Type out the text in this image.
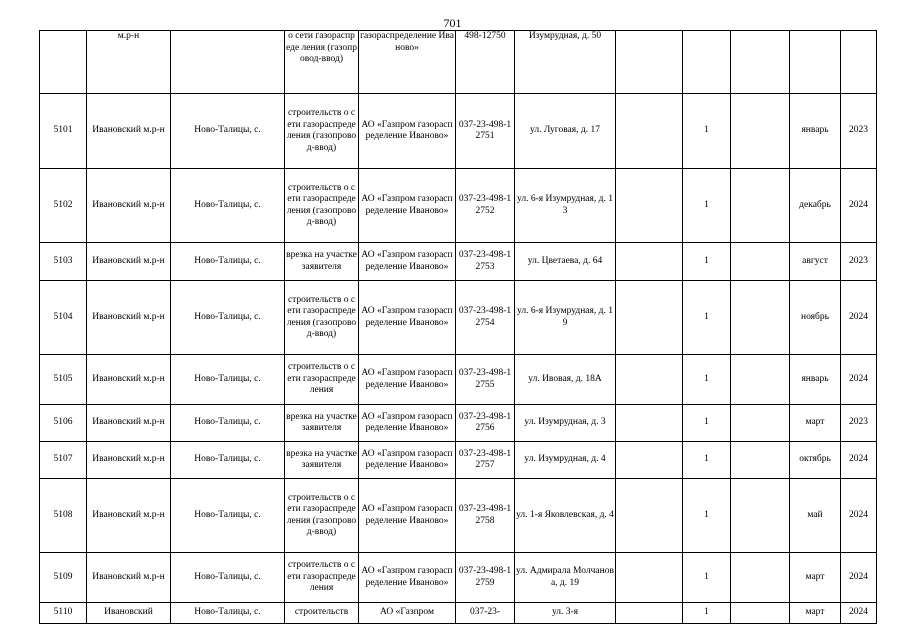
701
	м.р-н		о сети газораспреде ления (газопровод-ввод)	газораспределение Иваново»	498-12750	Изумрудная, д. 50					
5101	Ивановский м.р-н	Ново-Талицы, с.	строительств о сети газораспреде ления (газопровод-ввод)	АО «Газпром газораспределение Иваново»	037-23-498-12751	ул. Луговая, д. 17		1		январь	2023
5102	Ивановский м.р-н	Ново-Талицы, с.	строительств о сети газораспреде ления (газопровод-ввод)	АО «Газпром газораспределение Иваново»	037-23-498-12752	ул. 6-я Изумрудная, д. 13		1		декабрь	2024
5103	Ивановский м.р-н	Ново-Талицы, с.	врезка на участке заявителя	АО «Газпром газораспределение Иваново»	037-23-498-12753	ул. Цветаева, д. 64		1		август	2023
5104	Ивановский м.р-н	Ново-Талицы, с.	строительств о сети газораспреде ления (газопровод-ввод)	АО «Газпром газораспределение Иваново»	037-23-498-12754	ул. 6-я Изумрудная, д. 19		1		ноябрь	2024
5105	Ивановский м.р-н	Ново-Талицы, с.	строительств о сети газораспреде ления	АО «Газпром газораспределение Иваново»	037-23-498-12755	ул. Ивовая, д. 18А		1		январь	2024
5106	Ивановский м.р-н	Ново-Талицы, с.	врезка на участке заявителя	АО «Газпром газораспределение Иваново»	037-23-498-12756	ул. Изумрудная, д. 3		1		март	2023
5107	Ивановский м.р-н	Ново-Талицы, с.	врезка на участке заявителя	АО «Газпром газораспределение Иваново»	037-23-498-12757	ул. Изумрудная, д. 4		1		октябрь	2024
5108	Ивановский м.р-н	Ново-Талицы, с.	строительств о сети газораспреде ления (газопровод-ввод)	АО «Газпром газораспределение Иваново»	037-23-498-12758	ул. 1-я Яковлевская, д. 4		1		май	2024
5109	Ивановский м.р-н	Ново-Талицы, с.	строительств о сети газораспреде ления	АО «Газпром газораспределение Иваново»	037-23-498-12759	ул. Адмирала Молчанова, д. 19		1		март	2024
5110	Ивановский	Ново-Талицы, с.	строительств	АО «Газпром	037-23-	ул. 3-я		1		март	2024
